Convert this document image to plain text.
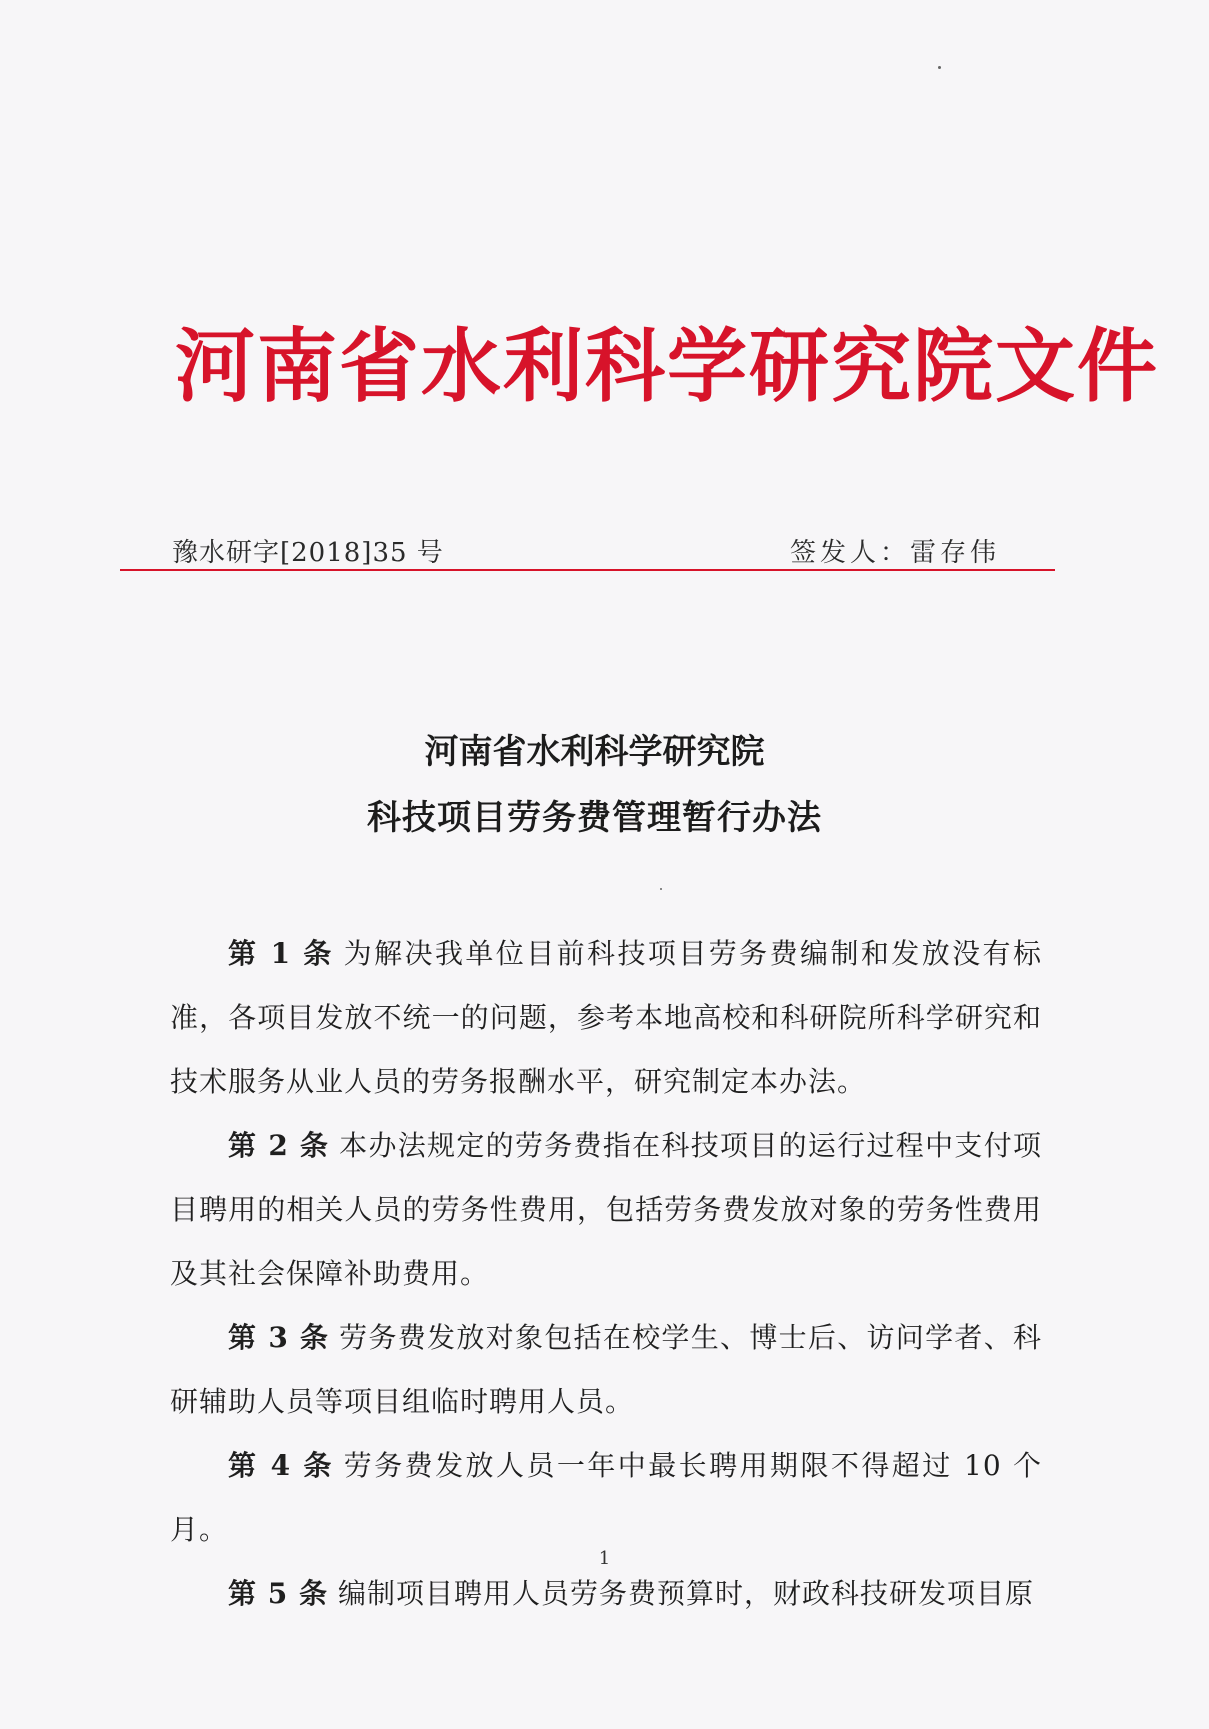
河南省水利科学研究院文件
豫水研字[2018]35 号	签发人：雷存伟
河南省水利科学研究院
科技项目劳务费管理暂行办法

第 1 条 为解决我单位目前科技项目劳务费编制和发放没有标准，各项目发放不统一的问题，参考本地高校和科研院所科学研究和技术服务从业人员的劳务报酬水平，研究制定本办法。

第 2 条 本办法规定的劳务费指在科技项目的运行过程中支付项目聘用的相关人员的劳务性费用，包括劳务费发放对象的劳务性费用及其社会保障补助费用。

第 3 条 劳务费发放对象包括在校学生、博士后、访问学者、科研辅助人员等项目组临时聘用人员。

第 4 条 劳务费发放人员一年中最长聘用期限不得超过 10 个月。

第 5 条 编制项目聘用人员劳务费预算时，财政科技研发项目原

1
